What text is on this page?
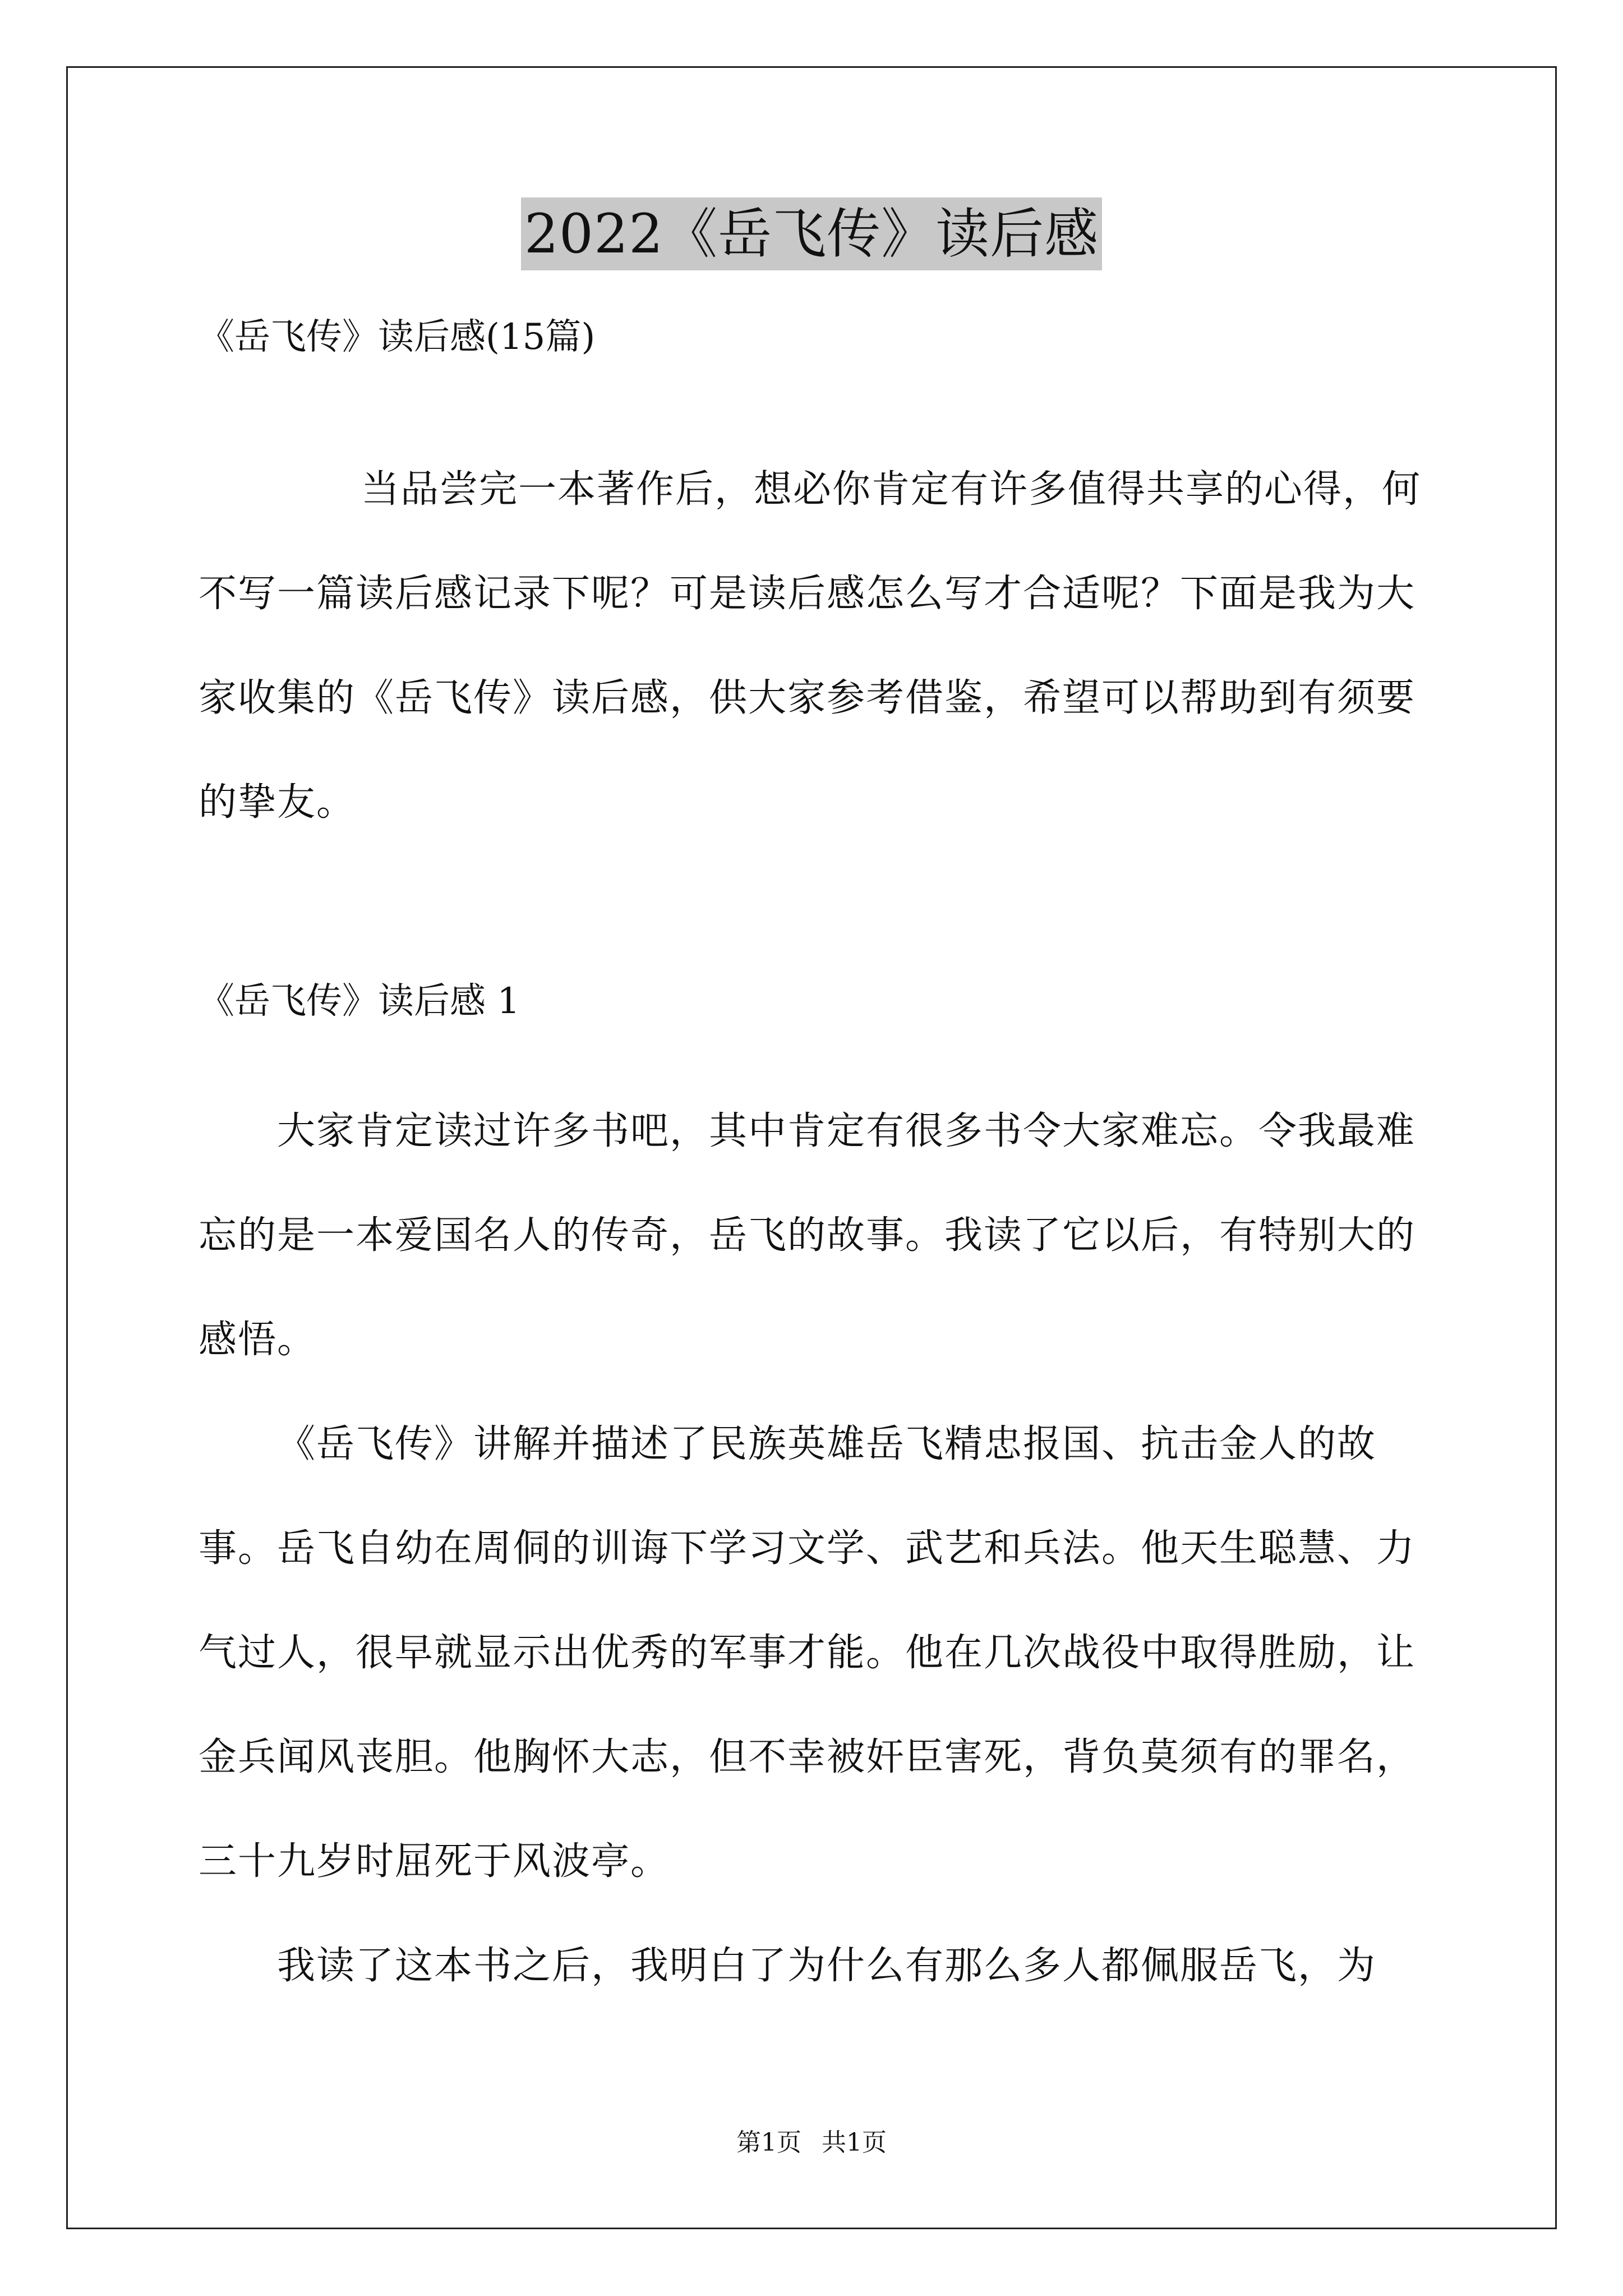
2022《岳飞传》读后感
《岳飞传》读后感(15篇)

当品尝完一本著作后，想必你肯定有许多值得共享的心得，何不写一篇读后感记录下呢？可是读后感怎么写才合适呢？下面是我为大家收集的《岳飞传》读后感，供大家参考借鉴，希望可以帮助到有须要的挚友。

《岳飞传》读后感 1

大家肯定读过许多书吧，其中肯定有很多书令大家难忘。令我最难忘的是一本爱国名人的传奇，岳飞的故事。我读了它以后，有特别大的感悟。

《岳飞传》讲解并描述了民族英雄岳飞精忠报国、抗击金人的故事。岳飞自幼在周侗的训诲下学习文学、武艺和兵法。他天生聪慧、力气过人，很早就显示出优秀的军事才能。他在几次战役中取得胜励，让金兵闻风丧胆。他胸怀大志，但不幸被奸臣害死，背负莫须有的罪名，三十九岁时屈死于风波亭。

我读了这本书之后，我明白了为什么有那么多人都佩服岳飞，为

第1页 共1页
